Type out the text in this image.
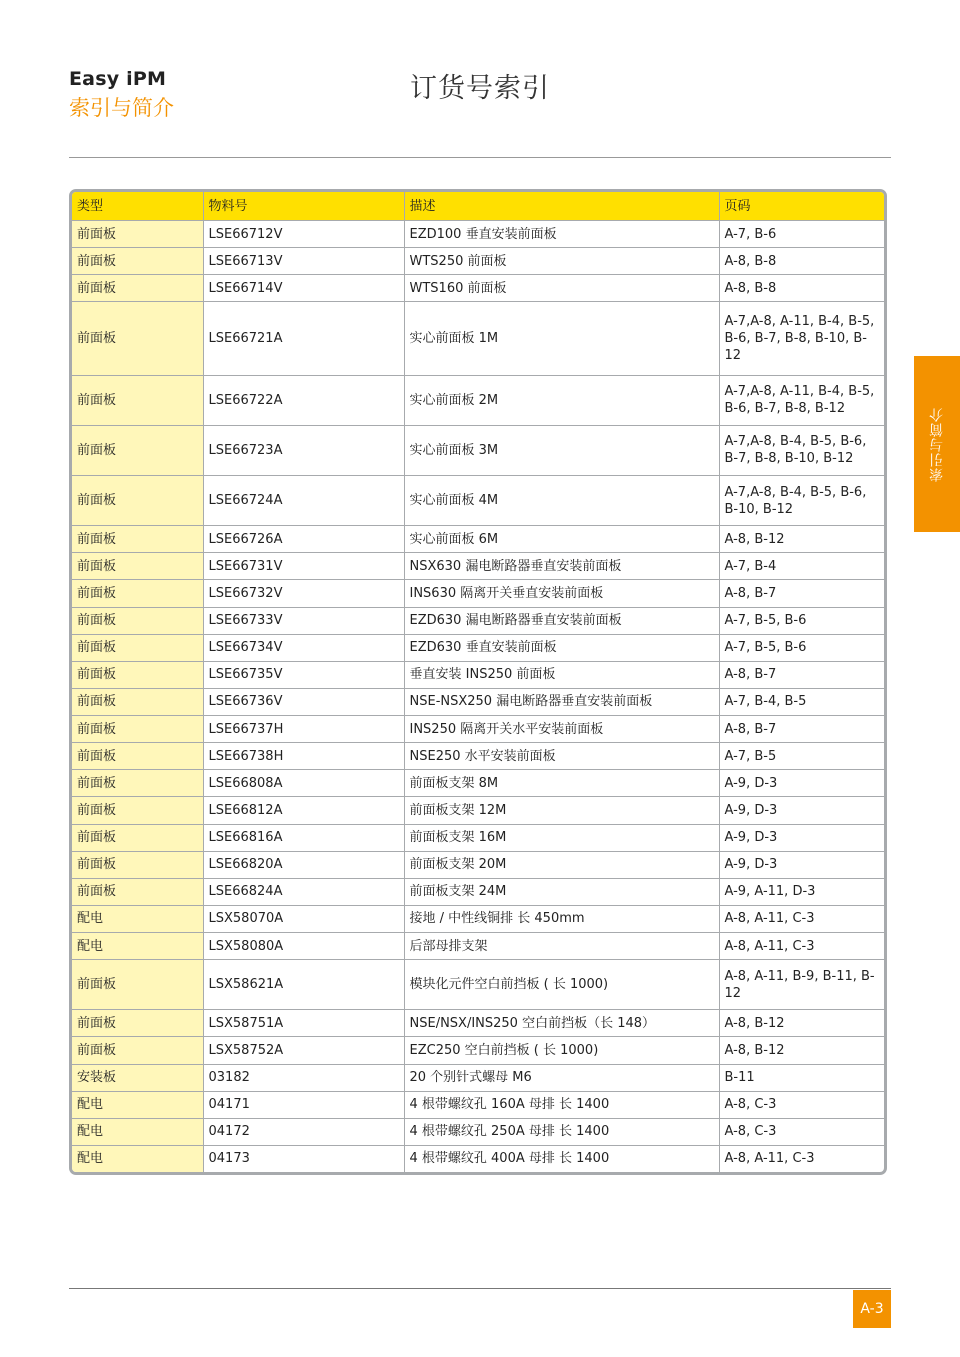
Easy iPM
索引与简介
订货号索引
索引与简介
类型	物料号	描述	页码
前面板	LSE66712V	EZD100 垂直安装前面板	A-7, B-6
前面板	LSE66713V	WTS250 前面板	A-8, B-8
前面板	LSE66714V	WTS160 前面板	A-8, B-8
前面板	LSE66721A	实心前面板 1M	A-7,A-8, A-11, B-4, B-5, B-6, B-7, B-8, B-10, B-12
前面板	LSE66722A	实心前面板 2M	A-7,A-8, A-11, B-4, B-5, B-6, B-7, B-8, B-12
前面板	LSE66723A	实心前面板 3M	A-7,A-8, B-4, B-5, B-6, B-7, B-8, B-10, B-12
前面板	LSE66724A	实心前面板 4M	A-7,A-8, B-4, B-5, B-6, B-10, B-12
前面板	LSE66726A	实心前面板 6M	A-8, B-12
前面板	LSE66731V	NSX630 漏电断路器垂直安装前面板	A-7, B-4
前面板	LSE66732V	INS630 隔离开关垂直安装前面板	A-8, B-7
前面板	LSE66733V	EZD630 漏电断路器垂直安装前面板	A-7, B-5, B-6
前面板	LSE66734V	EZD630 垂直安装前面板	A-7, B-5, B-6
前面板	LSE66735V	垂直安装 INS250 前面板	A-8, B-7
前面板	LSE66736V	NSE-NSX250 漏电断路器垂直安装前面板	A-7, B-4, B-5
前面板	LSE66737H	INS250 隔离开关水平安装前面板	A-8, B-7
前面板	LSE66738H	NSE250 水平安装前面板	A-7, B-5
前面板	LSE66808A	前面板支架 8M	A-9, D-3
前面板	LSE66812A	前面板支架 12M	A-9, D-3
前面板	LSE66816A	前面板支架 16M	A-9, D-3
前面板	LSE66820A	前面板支架 20M	A-9, D-3
前面板	LSE66824A	前面板支架 24M	A-9, A-11, D-3
配电	LSX58070A	接地 / 中性线铜排 长 450mm	A-8, A-11, C-3
配电	LSX58080A	后部母排支架	A-8, A-11, C-3
前面板	LSX58621A	模块化元件空白前挡板 ( 长 1000)	A-8, A-11, B-9, B-11, B-12
前面板	LSX58751A	NSE/NSX/INS250 空白前挡板（长 148）	A-8, B-12
前面板	LSX58752A	EZC250 空白前挡板 ( 长 1000)	A-8, B-12
安装板	03182	20 个别针式螺母 M6	B-11
配电	04171	4 根带螺纹孔 160A 母排 长 1400	A-8, C-3
配电	04172	4 根带螺纹孔 250A 母排 长 1400	A-8, C-3
配电	04173	4 根带螺纹孔 400A 母排 长 1400	A-8, A-11, C-3
A-3
